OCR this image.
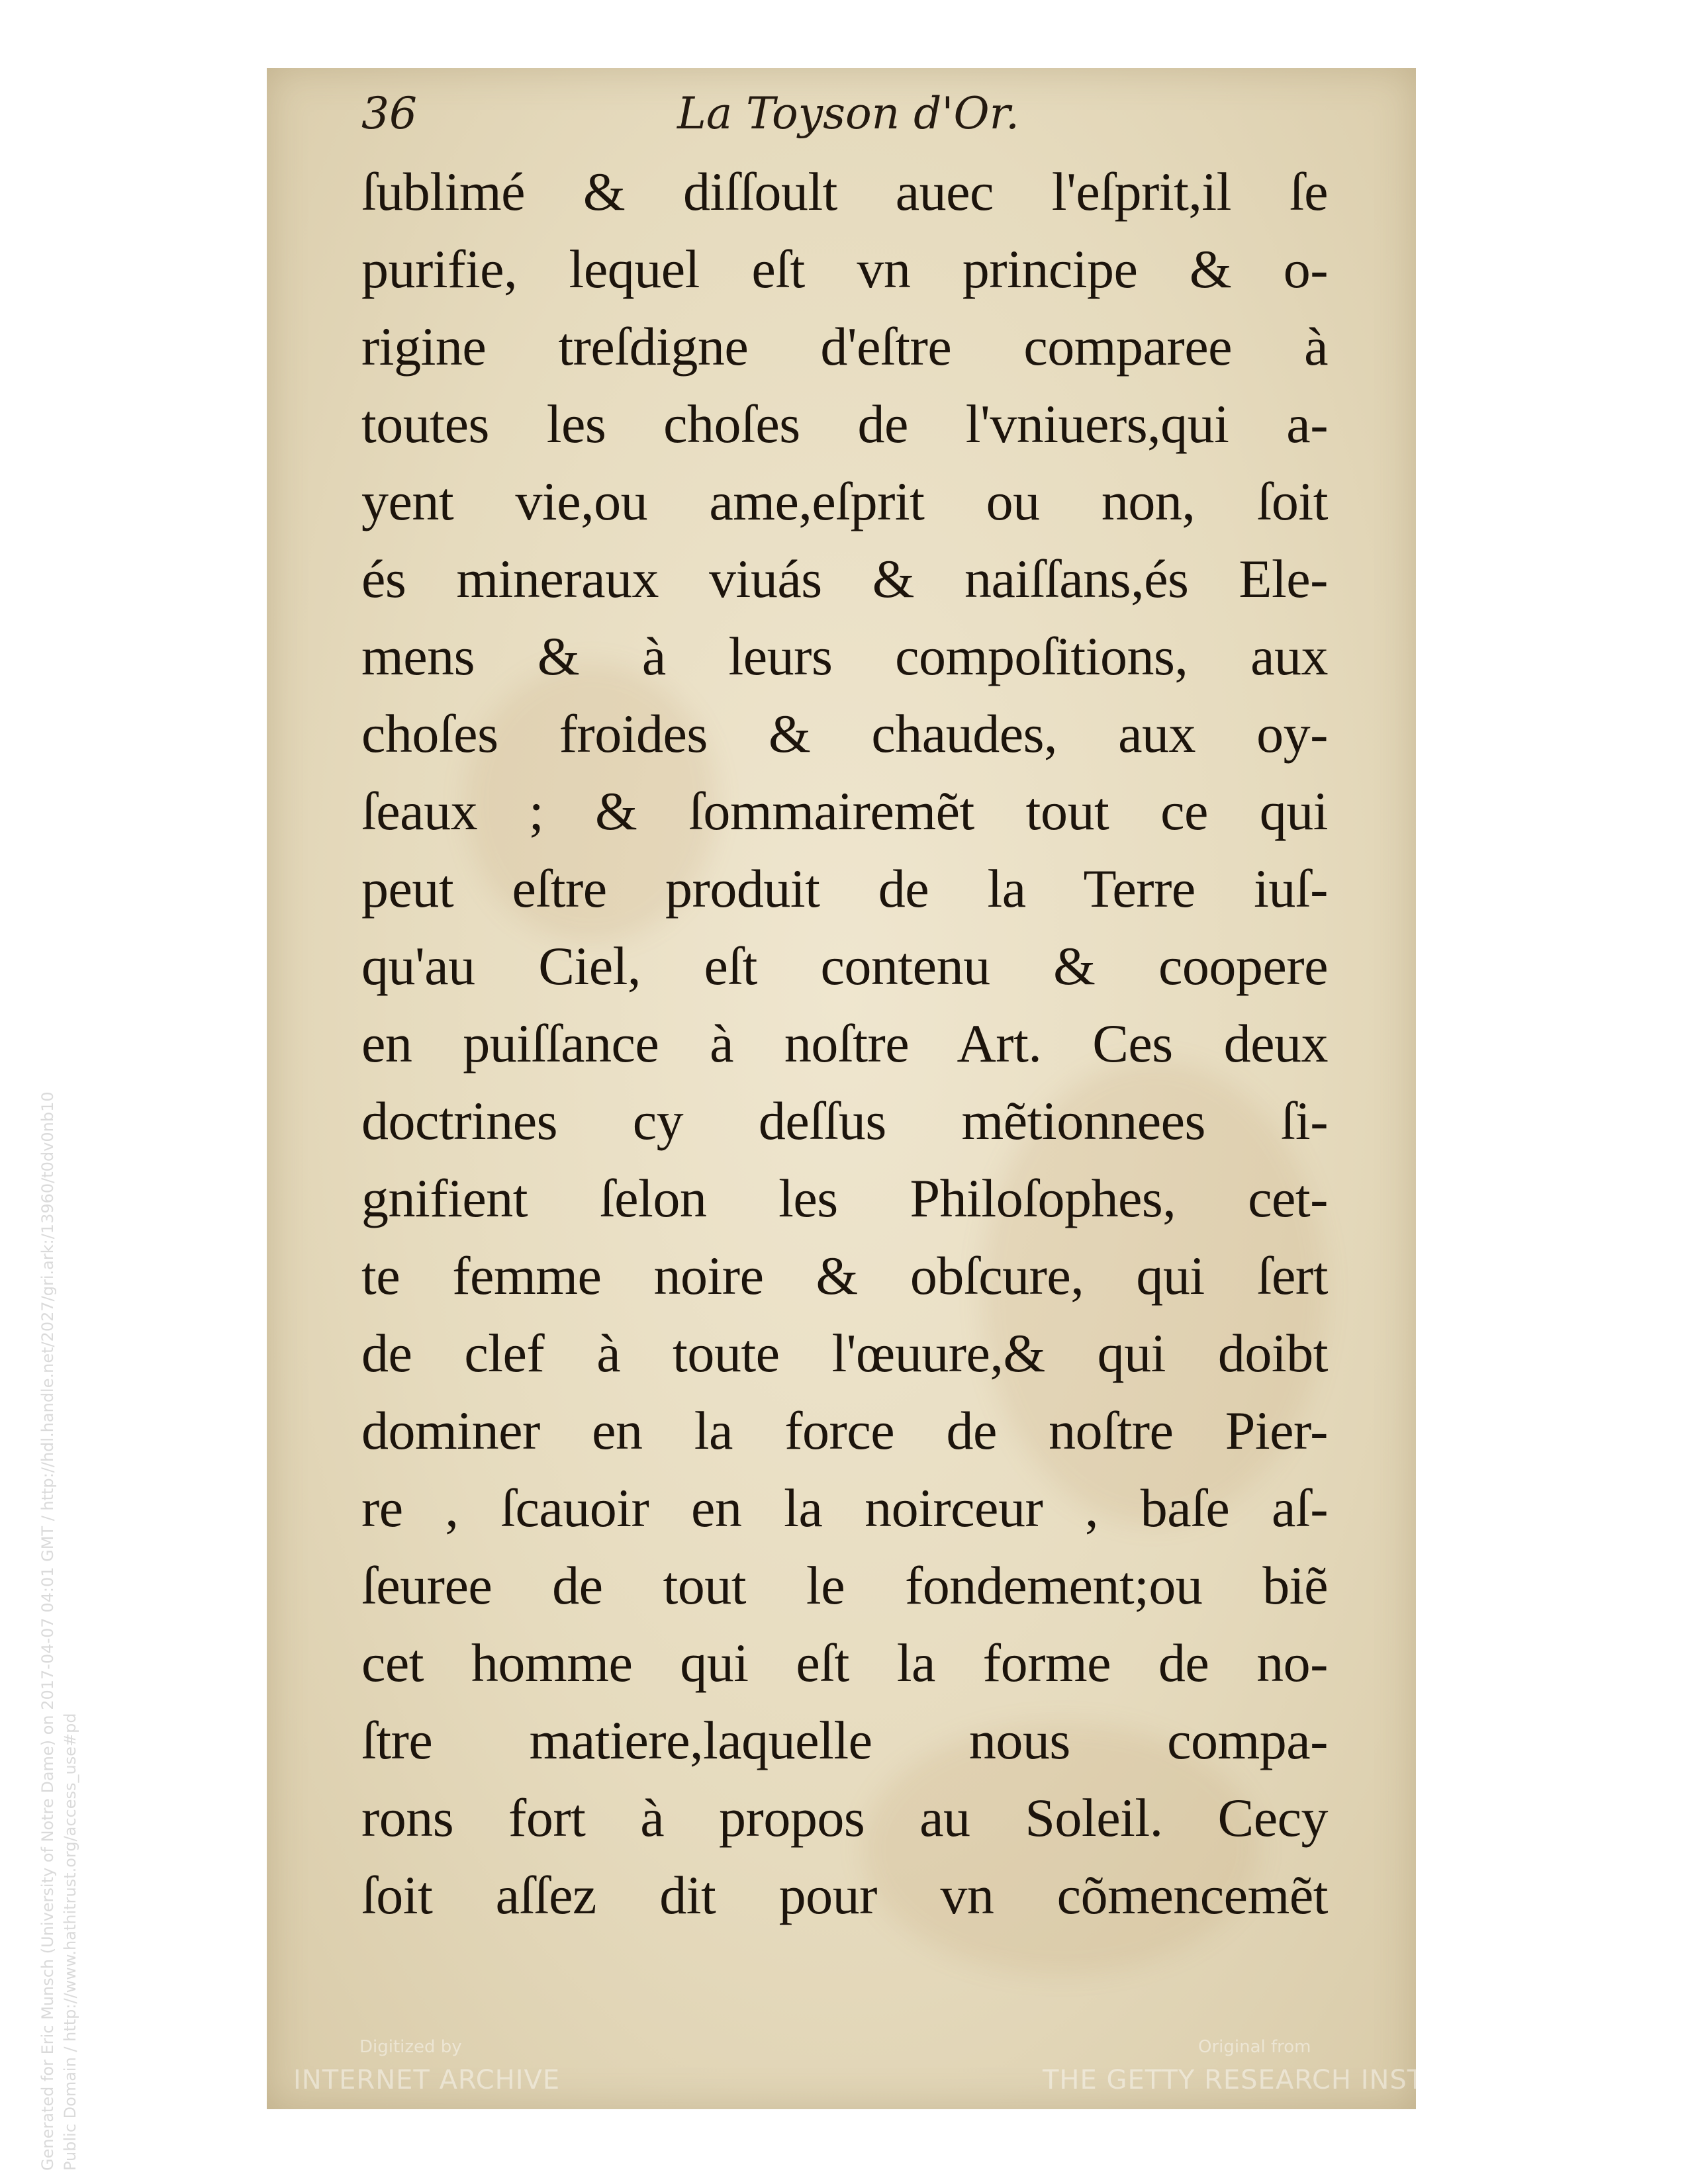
Generated for Eric Munsch (University of Notre Dame) on 2017-04-07 04:01 GMT / http://hdl.handle.net/2027/gri.ark:/13960/t0dv0nb10 Public Domain / http://www.hathitrust.org/access_use#pd
36	La Toyson d'Or.
ſublimé & diſſoult auec l'eſprit,il ſe
purifie, lequel eſt vn principe & o-
rigine treſdigne d'eſtre comparee à
toutes les choſes de l'vniuers,qui a-
yent vie,ou ame,eſprit ou non, ſoit
és mineraux viuás & naiſſans,és Ele-
mens & à leurs compoſitions, aux
choſes froides & chaudes, aux oy-
ſeaux ; & ſommairemẽt tout ce qui
peut eſtre produit de la Terre iuſ-
qu'au Ciel, eſt contenu & coopere
en puiſſance à noſtre Art. Ces deux
doctrines cy deſſus mẽtionnees ſi-
gnifient ſelon les Philoſophes, cet-
te femme noire & obſcure, qui ſert
de clef à toute l'œuure,& qui doibt
dominer en la force de noſtre Pier-
re , ſcauoir en la noirceur , baſe aſ-
ſeuree de tout le fondement;ou biẽ
cet homme qui eſt la forme de no-
ſtre matiere,laquelle nous compa-
rons fort à propos au Soleil. Cecy
ſoit aſſez dit pour vn cõmencemẽt
Digitized by
INTERNET ARCHIVE
Original from
THE GETTY RESEARCH INSTITUTE
